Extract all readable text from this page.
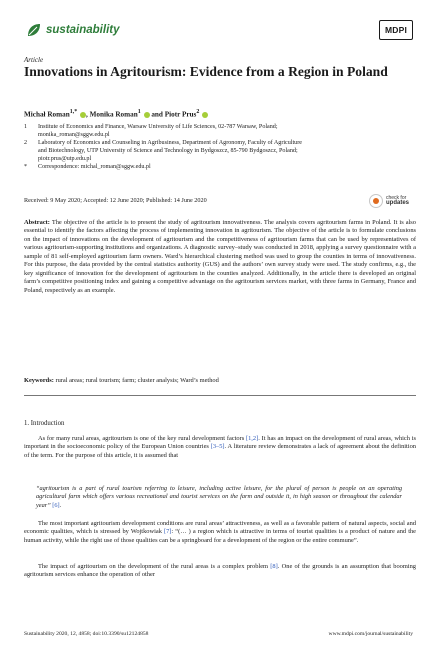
sustainability	MDPI
Article
Innovations in Agritourism: Evidence from a Region in Poland
Michał Roman$^{1,*}$ , Monika Roman$^1$ and Piotr Prus$^2$
1	Institute of Economics and Finance, Warsaw University of Life Sciences, 02-787 Warsaw, Poland;
monika_roman@sggw.edu.pl
2	Laboratory of Economics and Counseling in Agribusiness, Department of Agronomy, Faculty of Agriculture
and Biotechnology, UTP University of Science and Technology in Bydgoszcz, 85-790 Bydgoszcz, Poland;
piotr.prus@utp.edu.pl
*	Correspondence: michal_roman@sggw.edu.pl
Received: 9 May 2020; Accepted: 12 June 2020; Published: 14 June 2020	check for
updates
Abstract: The objective of the article is to present the study of agritourism innovativeness. The analysis covers agritourism farms in Poland. It is also essential to identify the factors affecting the process of implementing innovation in agritourism. The objective of the article is to formulate conclusions on the impact of innovations on the development of agritourism and the competitiveness of agritourism farms that can be used by representatives of various agritourism-supporting institutions and organizations. A diagnostic survey–study was conducted in 2018, applying a survey questionnaire with a sample of 81 self-employed agritourism farm owners. Ward’s hierarchical clustering method was used to group the counties in terms of innovativeness. For this purpose, the data provided by the central statistics authority (GUS) and the authors’ own survey study were used. The study confirms, e.g., the key significance of innovation for the development of agritourism in the counties analyzed. Additionally, in the article there is developed an original farm’s competitive positioning index and gaining a competitive advantage on the agritourism services market, with three farms in Germany, France and Poland, respectively as an example.
Keywords: rural areas; rural tourism; farm; cluster analysis; Ward’s method
1. Introduction
As for many rural areas, agritourism is one of the key rural development factors [1,2]. It has an impact on the development of rural areas, which is important in the socioeconomic policy of the European Union countries [3–5]. A literature review demonstrates a lack of agreement about the definition of the term. For the purpose of this article, it is assumed that
“agritourism is a part of rural tourism referring to leisure, including active leisure, for the plural of person is people on an operating agricultural farm which offers various recreational and tourist services on the farm and outside it, in high season or throughout the calendar year” [6].
The most important agritourism development conditions are rural areas’ attractiveness, as well as a favorable pattern of natural aspects, social and economic qualities, which is stressed by Wojtkowiak [7]: “(… ) a region which is attractive in terms of tourist qualities is a product of nature and the human activity, while the right use of those qualities can be a springboard for a development of the region or the entire commune”.
The impact of agritourism on the development of the rural areas is a complex problem [8]. One of the grounds is an assumption that booming agritourism services enhance the operation of other
Sustainability 2020, 12, 4858; doi:10.3390/su12124858	www.mdpi.com/journal/sustainability
